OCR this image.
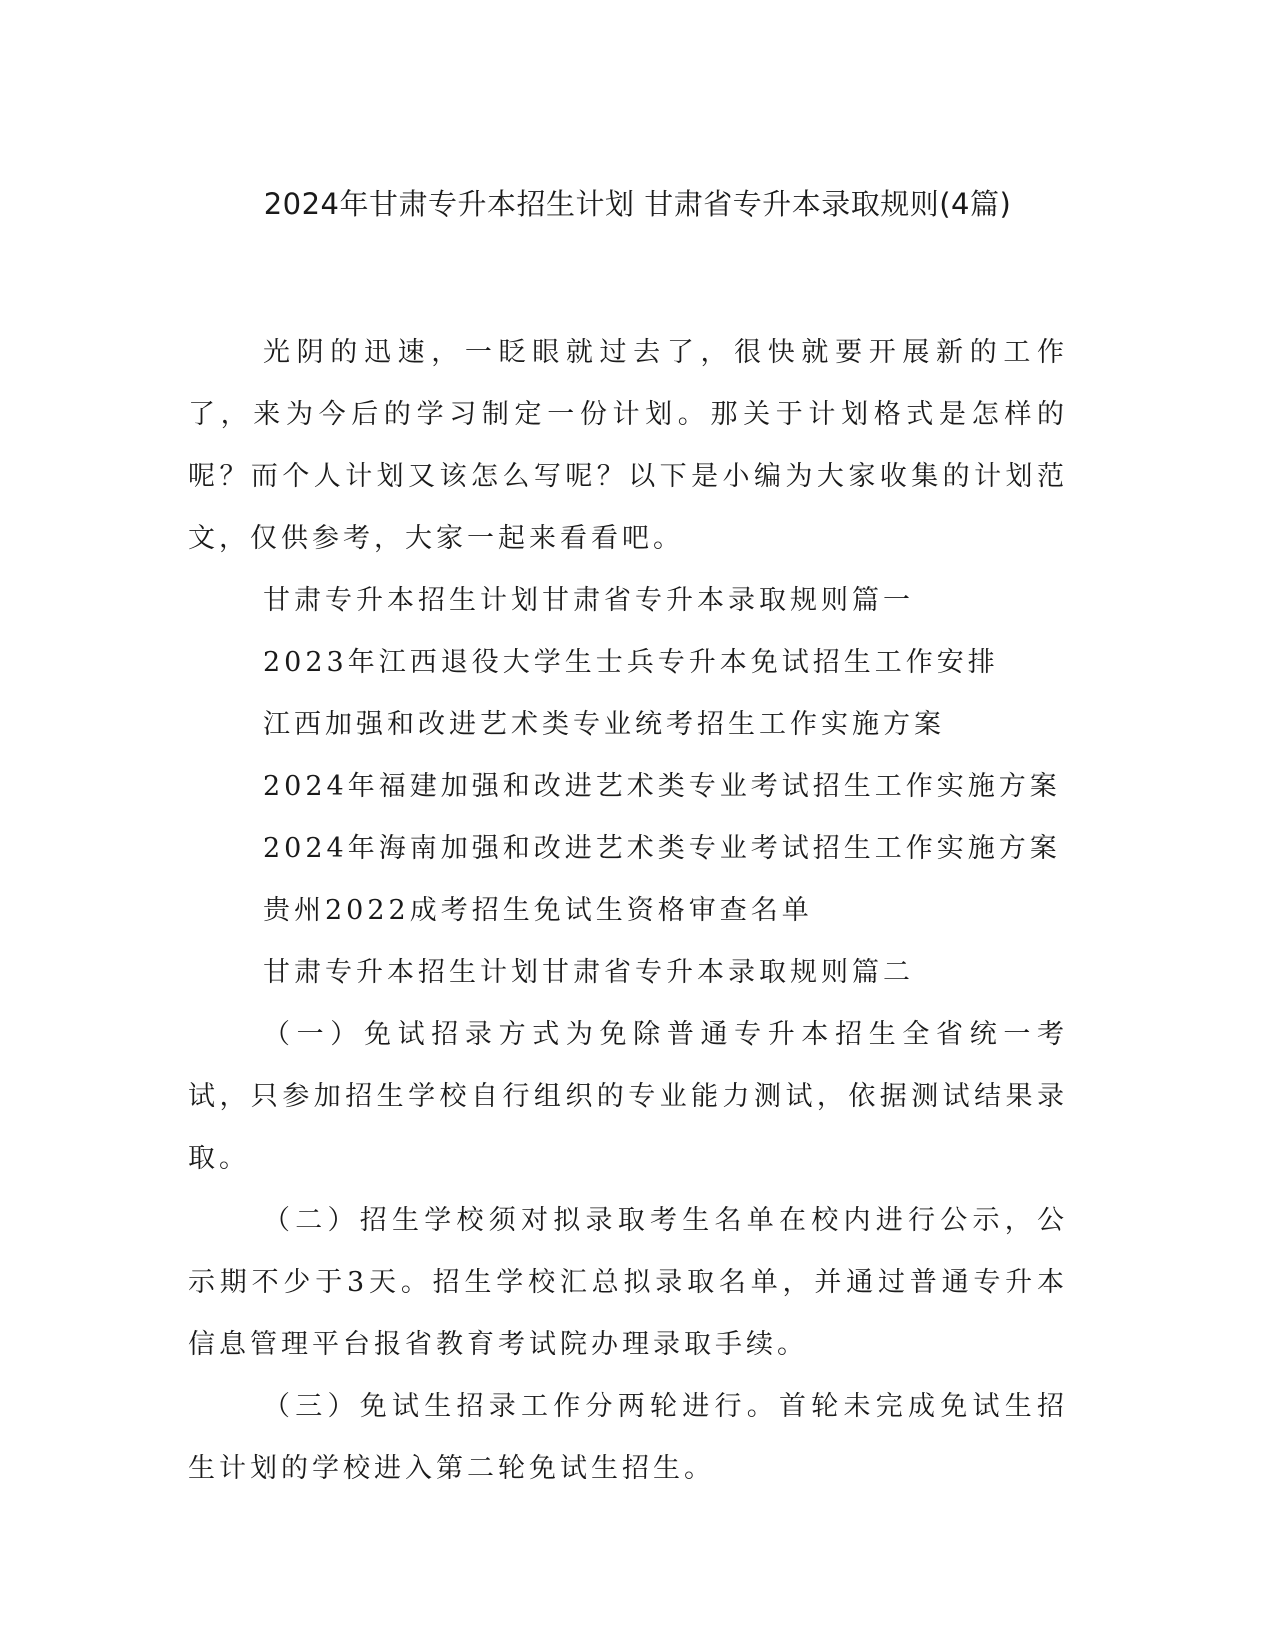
2024年甘肃专升本招生计划 甘肃省专升本录取规则(4篇)

光阴的迅速，一眨眼就过去了，很快就要开展新的工作了，来为今后的学习制定一份计划。那关于计划格式是怎样的呢？而个人计划又该怎么写呢？以下是小编为大家收集的计划范文，仅供参考，大家一起来看看吧。

甘肃专升本招生计划甘肃省专升本录取规则篇一

2023年江西退役大学生士兵专升本免试招生工作安排

江西加强和改进艺术类专业统考招生工作实施方案

2024年福建加强和改进艺术类专业考试招生工作实施方案

2024年海南加强和改进艺术类专业考试招生工作实施方案

贵州2022成考招生免试生资格审查名单

甘肃专升本招生计划甘肃省专升本录取规则篇二

（一）免试招录方式为免除普通专升本招生全省统一考试，只参加招生学校自行组织的专业能力测试，依据测试结果录取。

（二）招生学校须对拟录取考生名单在校内进行公示，公示期不少于3天。招生学校汇总拟录取名单，并通过普通专升本信息管理平台报省教育考试院办理录取手续。

（三）免试生招录工作分两轮进行。首轮未完成免试生招生计划的学校进入第二轮免试生招生。
